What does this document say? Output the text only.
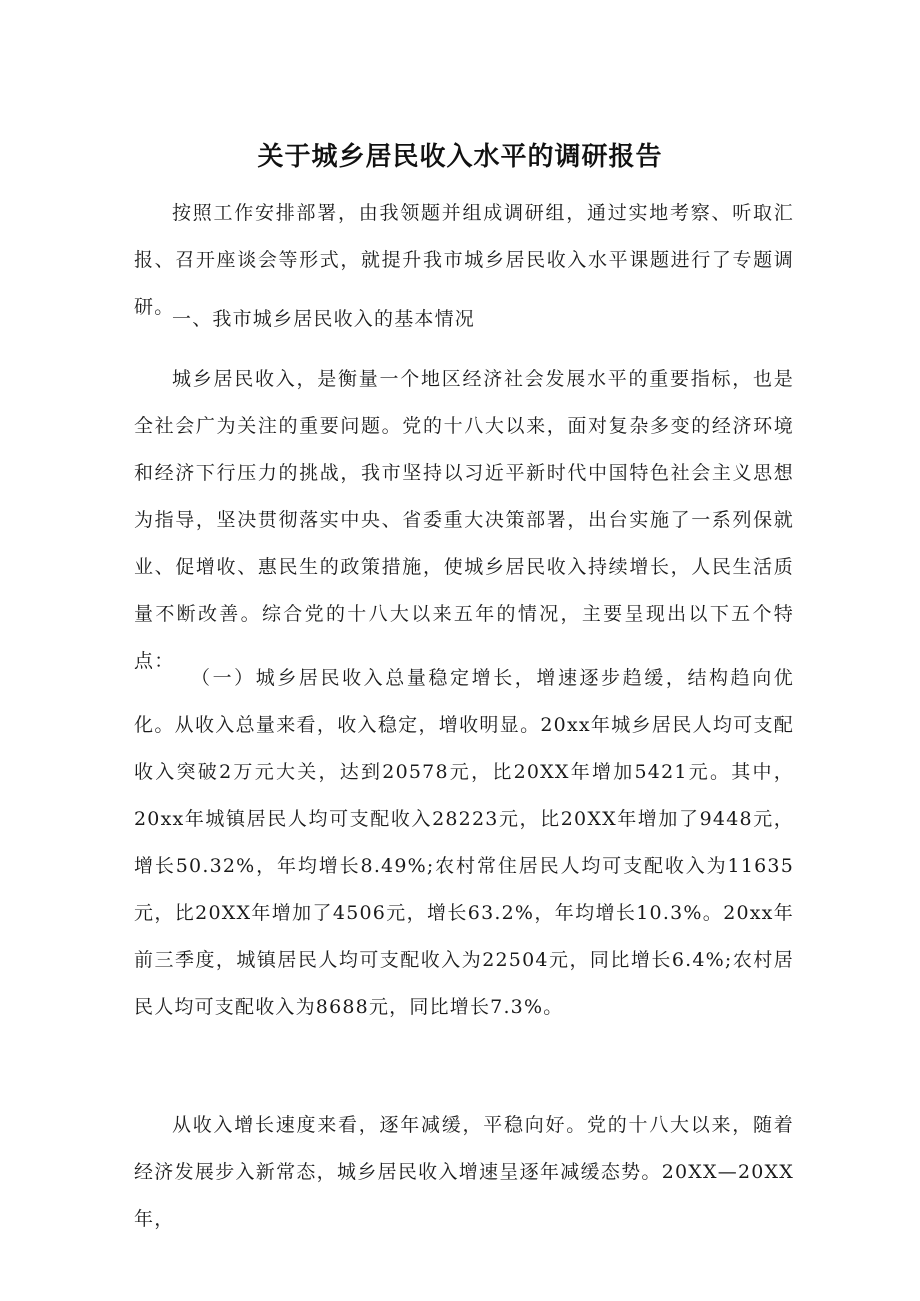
关于城乡居民收入水平的调研报告

按照工作安排部署，由我领题并组成调研组，通过实地考察、听取汇报、召开座谈会等形式，就提升我市城乡居民收入水平课题进行了专题调研。

一、我市城乡居民收入的基本情况

城乡居民收入，是衡量一个地区经济社会发展水平的重要指标，也是全社会广为关注的重要问题。党的十八大以来，面对复杂多变的经济环境和经济下行压力的挑战，我市坚持以习近平新时代中国特色社会主义思想为指导，坚决贯彻落实中央、省委重大决策部署，出台实施了一系列保就业、促增收、惠民生的政策措施，使城乡居民收入持续增长，人民生活质量不断改善。综合党的十八大以来五年的情况，主要呈现出以下五个特点：

（一）城乡居民收入总量稳定增长，增速逐步趋缓，结构趋向优化。从收入总量来看，收入稳定，增收明显。20xx年城乡居民人均可支配收入突破2万元大关，达到20578元，比20XX年增加5421元。其中，20xx年城镇居民人均可支配收入28223元，比20XX年增加了9448元，增长50.32%，年均增长8.49%;农村常住居民人均可支配收入为11635元，比20XX年增加了4506元，增长63.2%，年均增长10.3%。20xx年前三季度，城镇居民人均可支配收入为22504元，同比增长6.4%;农村居民人均可支配收入为8688元，同比增长7.3%。

从收入增长速度来看，逐年减缓，平稳向好。党的十八大以来，随着经济发展步入新常态，城乡居民收入增速呈逐年减缓态势。20XX—20XX年，
